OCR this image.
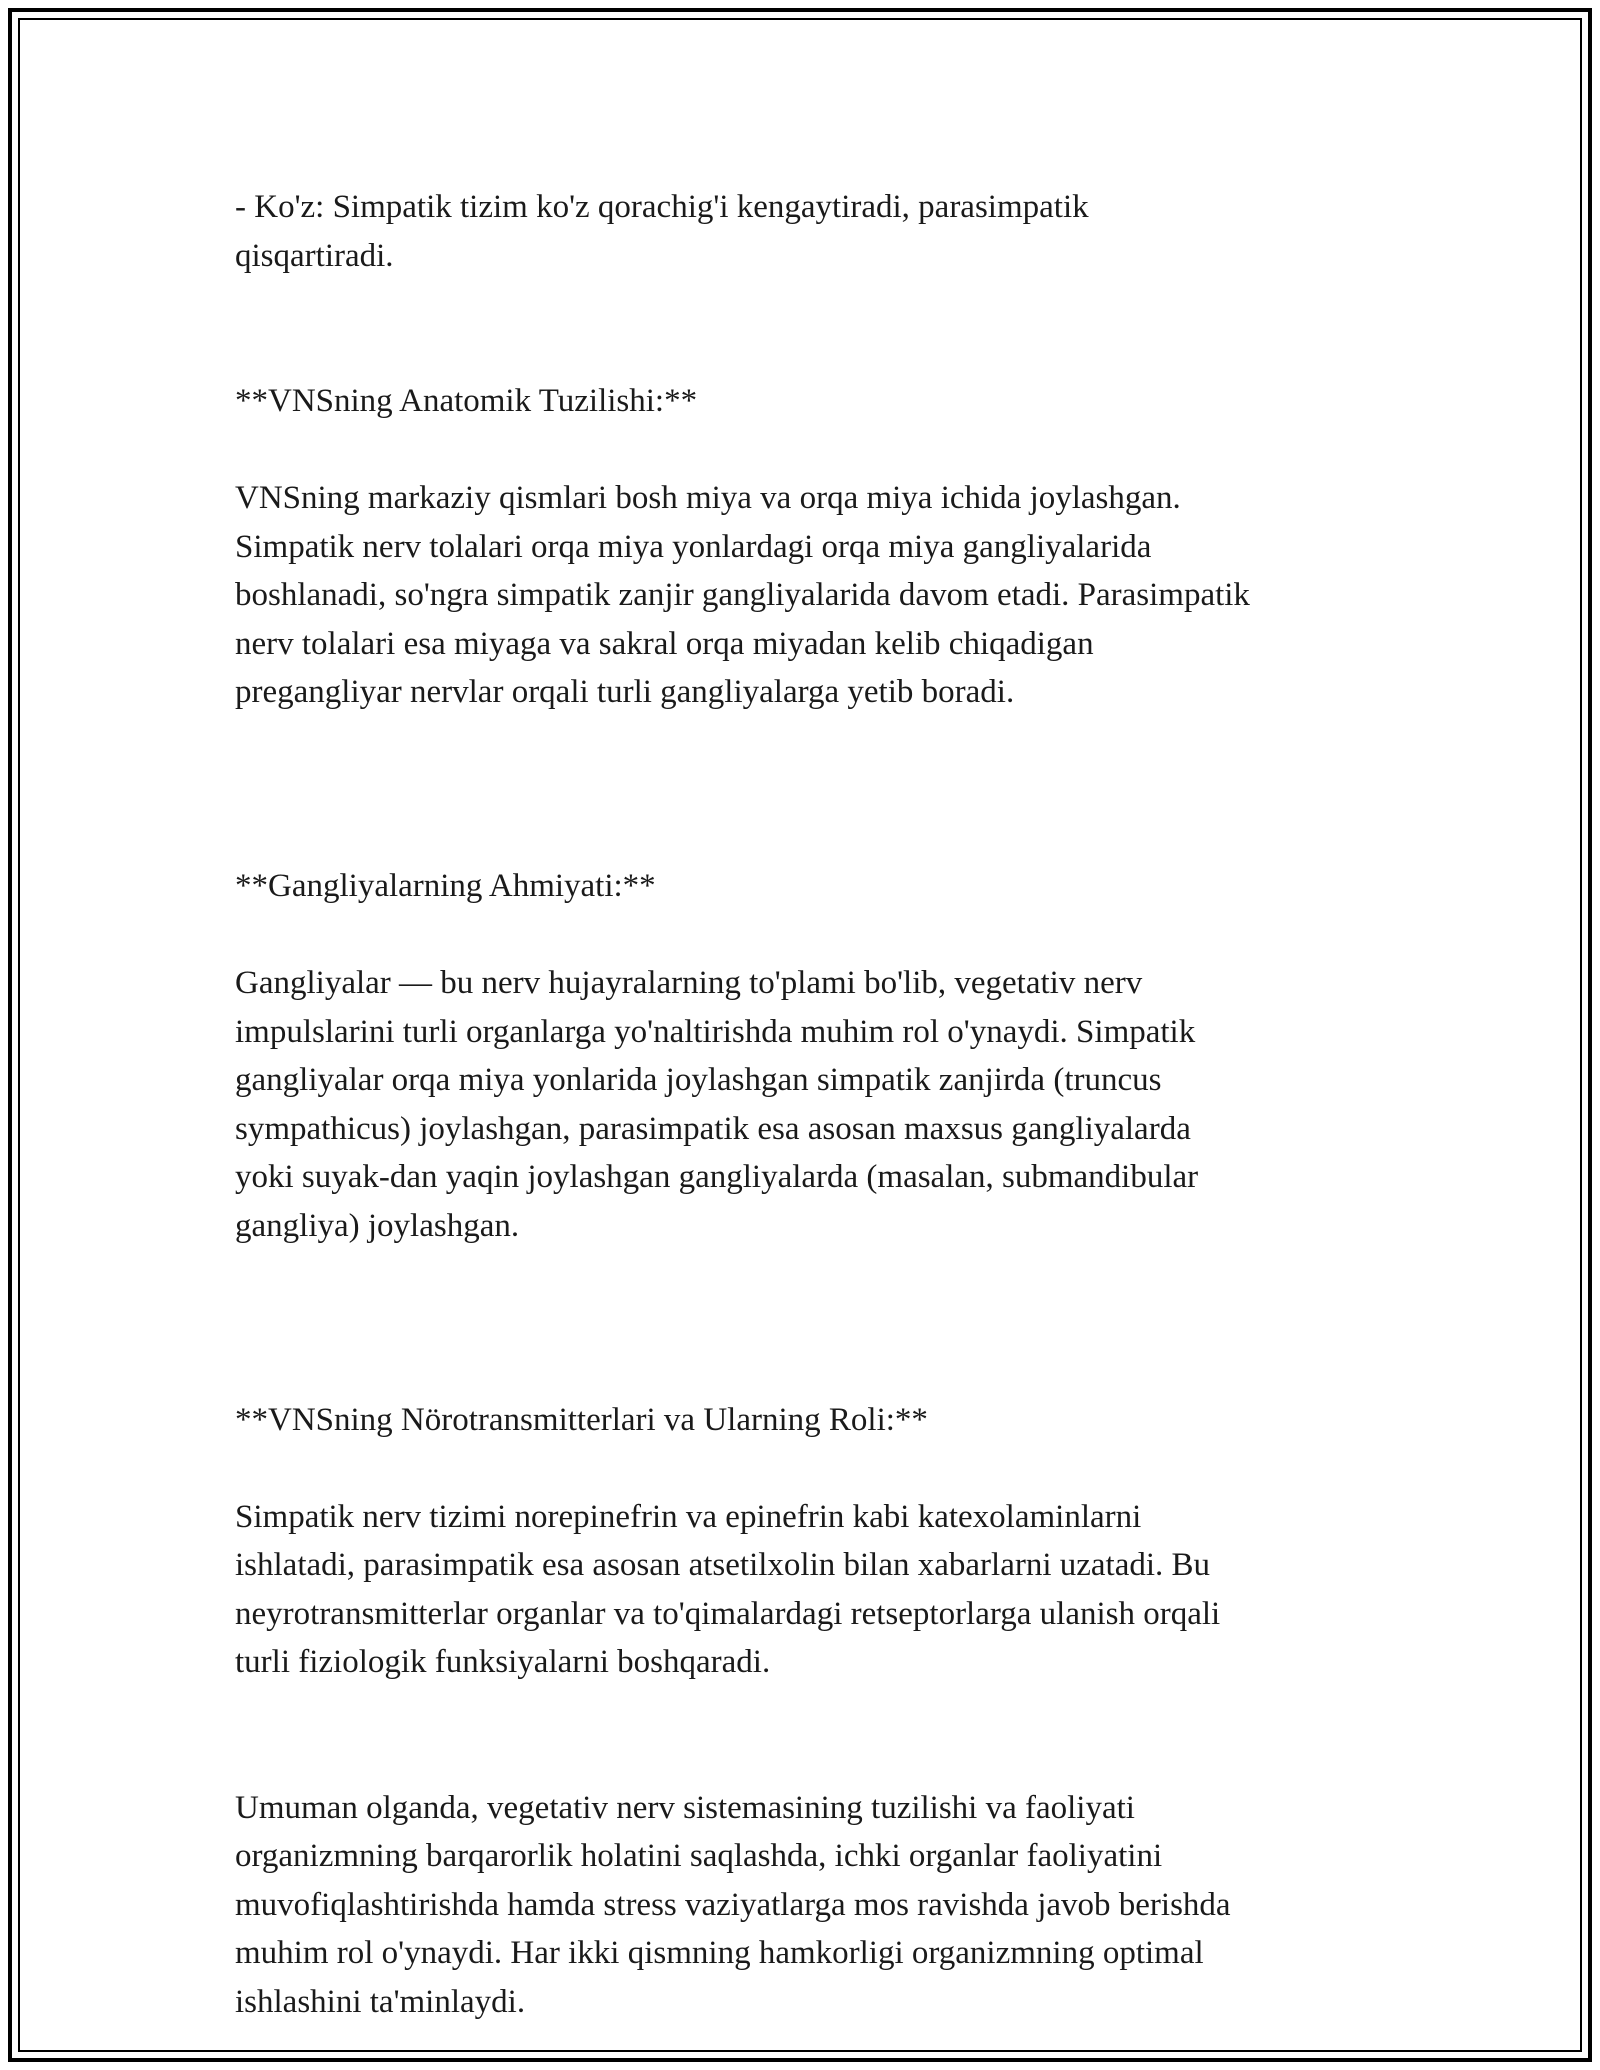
- Ko'z: Simpatik tizim ko'z qorachig'i kengaytiradi, parasimpatik
qisqartiradi.

**VNSning Anatomik Tuzilishi:**

VNSning markaziy qismlari bosh miya va orqa miya ichida joylashgan.
Simpatik nerv tolalari orqa miya yonlardagi orqa miya gangliyalarida
boshlanadi, so'ngra simpatik zanjir gangliyalarida davom etadi. Parasimpatik
nerv tolalari esa miyaga va sakral orqa miyadan kelib chiqadigan
pregangliyar nervlar orqali turli gangliyalarga yetib boradi.

**Gangliyalarning Ahmiyati:**

Gangliyalar — bu nerv hujayralarning to'plami bo'lib, vegetativ nerv
impulslarini turli organlarga yo'naltirishda muhim rol o'ynaydi. Simpatik
gangliyalar orqa miya yonlarida joylashgan simpatik zanjirda (truncus
sympathicus) joylashgan, parasimpatik esa asosan maxsus gangliyalarda
yoki suyak-dan yaqin joylashgan gangliyalarda (masalan, submandibular
gangliya) joylashgan.

**VNSning Nörotransmitterlari va Ularning Roli:**

Simpatik nerv tizimi norepinefrin va epinefrin kabi katexolaminlarni
ishlatadi, parasimpatik esa asosan atsetilxolin bilan xabarlarni uzatadi. Bu
neyrotransmitterlar organlar va to'qimalardagi retseptorlarga ulanish orqali
turli fiziologik funksiyalarni boshqaradi.

Umuman olganda, vegetativ nerv sistemasining tuzilishi va faoliyati
organizmning barqarorlik holatini saqlashda, ichki organlar faoliyatini
muvofiqlashtirishda hamda stress vaziyatlarga mos ravishda javob berishda
muhim rol o'ynaydi. Har ikki qismning hamkorligi organizmning optimal
ishlashini ta'minlaydi.
